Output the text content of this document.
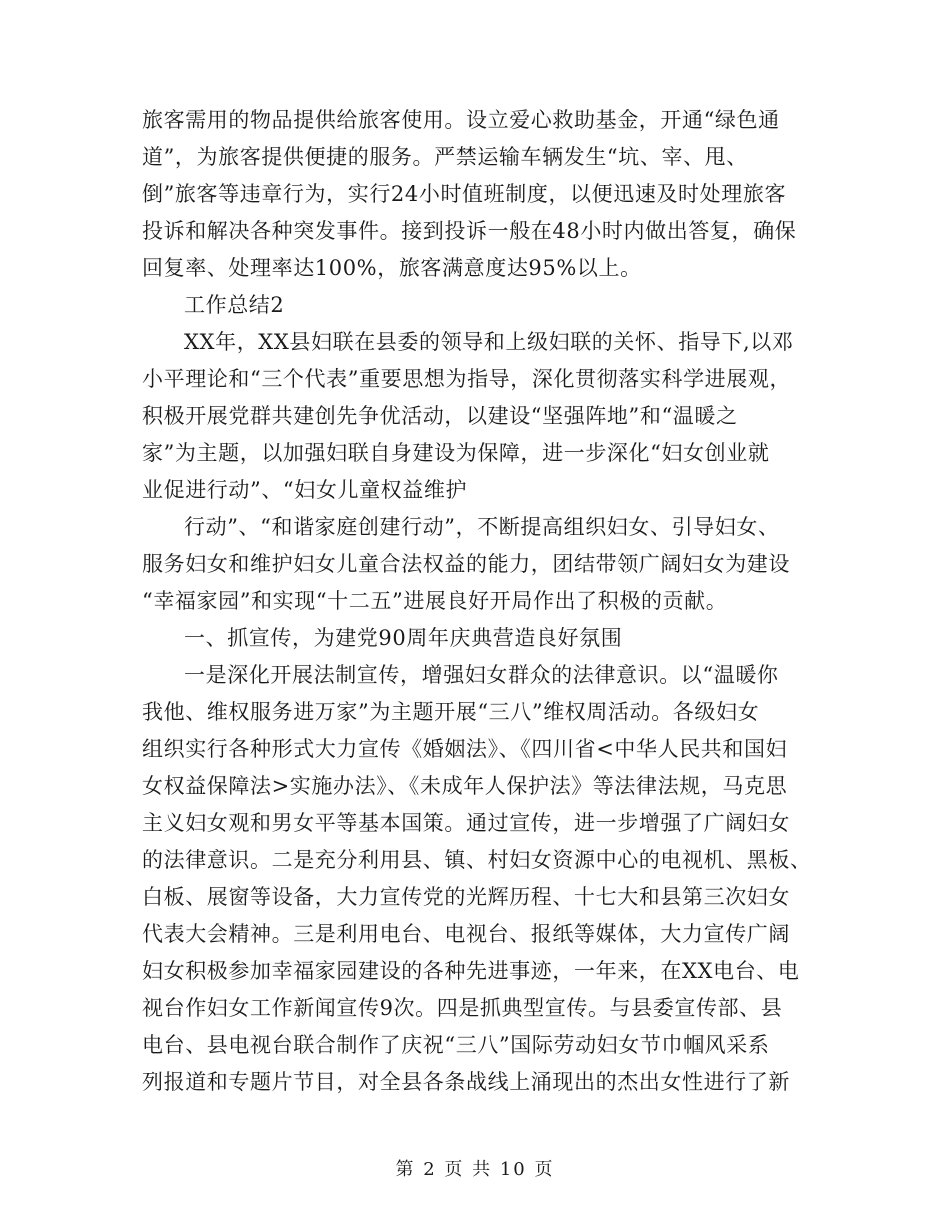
旅客需用的物品提供给旅客使用。设立爱心救助基金，开通“绿色通
道”，为旅客提供便捷的服务。严禁运输车辆发生“坑、宰、甩、
倒”旅客等违章行为，实行24小时值班制度，以便迅速及时处理旅客
投诉和解决各种突发事件。接到投诉一般在48小时内做出答复，确保
回复率、处理率达100%，旅客满意度达95%以上。
工作总结2
XX年，XX县妇联在县委的领导和上级妇联的关怀、指导下,以邓
小平理论和“三个代表”重要思想为指导，深化贯彻落实科学进展观，
积极开展党群共建创先争优活动，以建设“坚强阵地”和“温暖之
家”为主题，以加强妇联自身建设为保障，进一步深化“妇女创业就
业促进行动”、“妇女儿童权益维护
行动”、“和谐家庭创建行动”，不断提高组织妇女、引导妇女、
服务妇女和维护妇女儿童合法权益的能力，团结带领广阔妇女为建设
“幸福家园”和实现“十二五”进展良好开局作出了积极的贡献。
一、抓宣传，为建党90周年庆典营造良好氛围
一是深化开展法制宣传，增强妇女群众的法律意识。以“温暖你
我他、维权服务进万家”为主题开展“三八”维权周活动。各级妇女
组织实行各种形式大力宣传《婚姻法》、《四川省<中华人民共和国妇
女权益保障法>实施办法》、《未成年人保护法》等法律法规，马克思
主义妇女观和男女平等基本国策。通过宣传，进一步增强了广阔妇女
的法律意识。二是充分利用县、镇、村妇女资源中心的电视机、黑板、
白板、展窗等设备，大力宣传党的光辉历程、十七大和县第三次妇女
代表大会精神。三是利用电台、电视台、报纸等媒体，大力宣传广阔
妇女积极参加幸福家园建设的各种先进事迹，一年来，在XX电台、电
视台作妇女工作新闻宣传9次。四是抓典型宣传。与县委宣传部、县
电台、县电视台联合制作了庆祝“三八”国际劳动妇女节巾帼风采系
列报道和专题片节目，对全县各条战线上涌现出的杰出女性进行了新
第 2 页 共 10 页
